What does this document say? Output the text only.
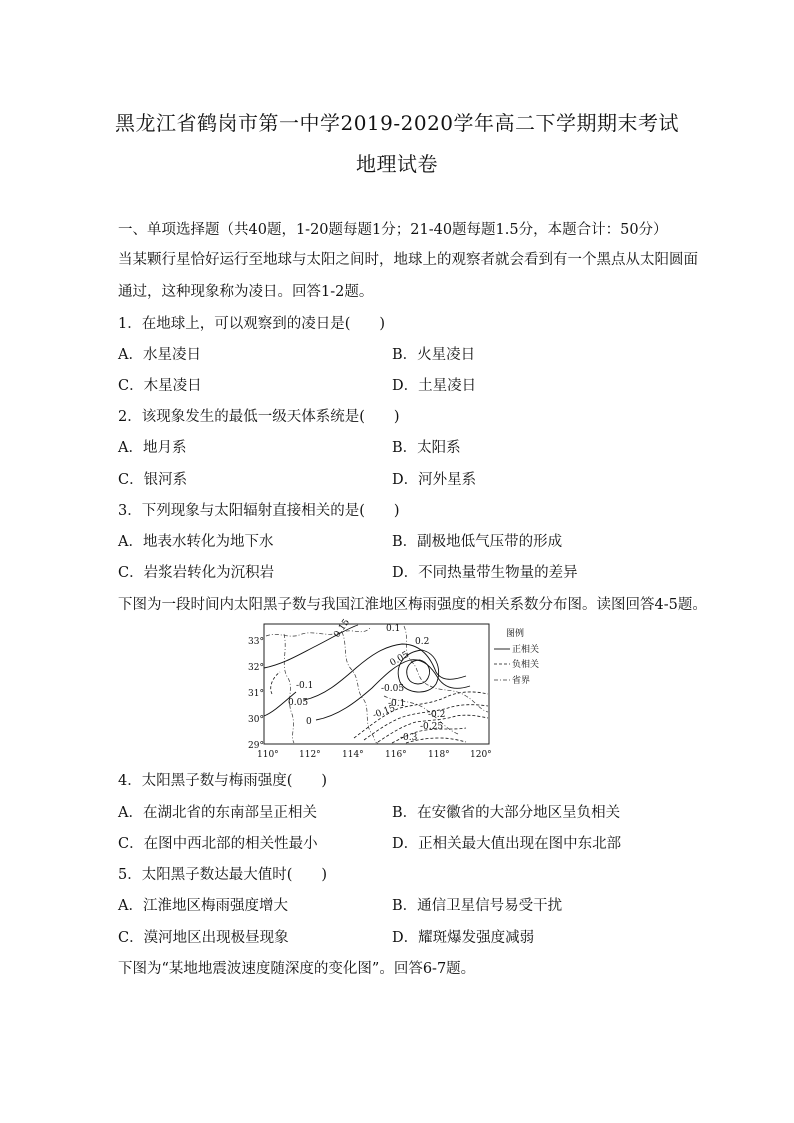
黑龙江省鹤岗市第一中学2019-2020学年高二下学期期末考试
地理试卷
一、单项选择题（共40题，1-20题每题1分；21-40题每题1.5分，本题合计：50分）
当某颗行星恰好运行至地球与太阳之间时，地球上的观察者就会看到有一个黑点从太阳圆面
通过，这种现象称为凌日。回答1-2题。
1．在地球上，可以观察到的凌日是(　　)
A．水星凌日	B．火星凌日
C．木星凌日	D．土星凌日
2．该现象发生的最低一级天体系统是(　　)
A．地月系	B．太阳系
C．银河系	D．河外星系
3．下列现象与太阳辐射直接相关的是(　　)
A．地表水转化为地下水	B．副极地低气压带的形成
C．岩浆岩转化为沉积岩	D．不同热量带生物量的差异
下图为一段时间内太阳黑子数与我国江淮地区梅雨强度的相关系数分布图。读图回答4-5题。
33°
32°
31°
30°
29°
110° 112° 114° 116° 118° 120°
0.15	0.1
0.2
0.05
-0.1
0.05
-0.05
0
-0.1
-0.15	-0.2
-0.25
-0.3
图例
正相关
负相关
省界
4．太阳黑子数与梅雨强度(　　)
A．在湖北省的东南部呈正相关	B．在安徽省的大部分地区呈负相关
C．在图中西北部的相关性最小	D．正相关最大值出现在图中东北部
5．太阳黑子数达最大值时(　　)
A．江淮地区梅雨强度增大	B．通信卫星信号易受干扰
C．漠河地区出现极昼现象	D．耀斑爆发强度减弱
下图为“某地地震波速度随深度的变化图”。回答6-7题。
